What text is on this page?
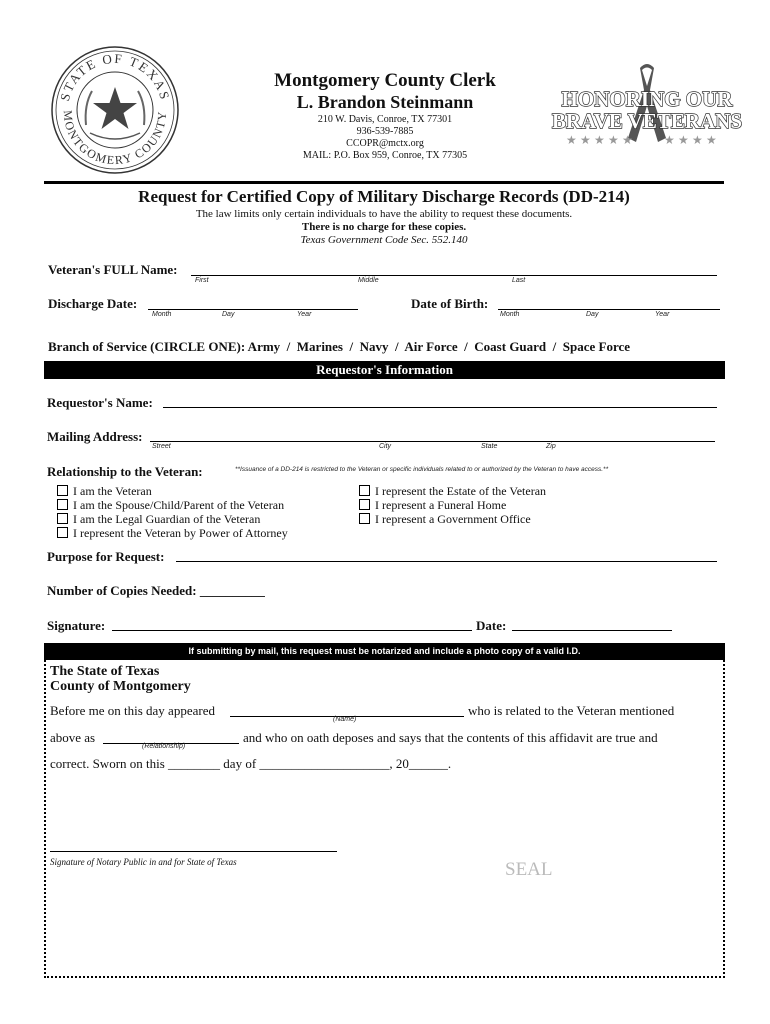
STATE OF TEXAS
MONTGOMERY COUNTY
Montgomery County Clerk
L. Brandon Steinmann
210 W. Davis, Conroe, TX 77301
936-539-7885
CCOPR@mctx.org
MAIL: P.O. Box 959, Conroe, TX 77305
HONORING OUR
BRAVE VETERANS
★ ★ ★ ★ ★	★ ★ ★ ★
Request for Certified Copy of Military Discharge Records (DD-214)
The law limits only certain individuals to have the ability to request these documents.
There is no charge for these copies.
Texas Government Code Sec. 552.140
Veteran's FULL Name:
First	Middle	Last
Discharge Date:
Month	Day	Year
Date of Birth:
Month	Day	Year
Branch of Service (CIRCLE ONE): Army  /  Marines  /  Navy  /  Air Force  /  Coast Guard  /  Space Force
Requestor's Information
Requestor's Name:
Mailing Address:
Street	City	State	Zip
Relationship to the Veteran:	**Issuance of a DD-214 is restricted to the Veteran or specific individuals related to or authorized by the Veteran to have access.**
I am the Veteran
I am the Spouse/Child/Parent of the Veteran
I am the Legal Guardian of the Veteran
I represent the Veteran by Power of Attorney
I represent the Estate of the Veteran
I represent a Funeral Home
I represent a Government Office
Purpose for Request:
Number of Copies Needed: __________
Signature:	Date:
If submitting by mail, this request must be notarized and include a photo copy of a valid I.D.
The State of Texas
County of Montgomery
Before me on this day appeared
(Name)
who is related to the Veteran mentioned
above as
(Relationship)
and who on oath deposes and says that the contents of this affidavit are true and
correct. Sworn on this ________ day of ____________________, 20______.
Signature of Notary Public in and for State of Texas	SEAL
